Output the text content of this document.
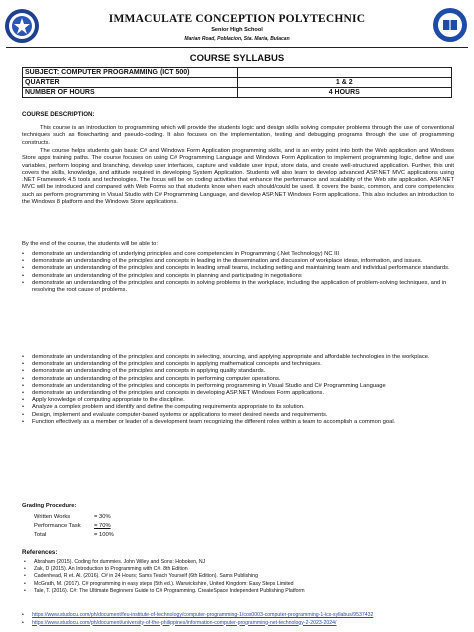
IMMACULATE CONCEPTION POLYTECHNIC
Senior High School
Marian Road, Poblacion, Sta. Maria, Bulacan
COURSE SYLLABUS
SUBJECT: COMPUTER PROGRAMMING (ICT 500)	
QUARTER	1 & 2
NUMBER OF HOURS	4 HOURS
COURSE DESCRIPTION:

This course is an introduction to programming which will provide the students logic and design skills solving computer problems through the use of conventional techniques such as flowcharting and pseudo-coding. It also focuses on the implementation, testing and debugging programs through the use of programming constructs.

The course helps students gain basic C# and Windows Form Application programming skills, and is an entry point into both the Web application and Windows Store apps training paths. The course focuses on using C# Programming Language and Windows Form Application to implement programming logic, define and use variables, perform looping and branching, develop user interfaces, capture and validate user input, store data, and create well-structured application. Further, this unit covers the skills, knowledge, and attitude required in developing System Application. Students will also learn to develop advanced ASP.NET MVC applications using .NET Framework 4.5 tools and technologies. The focus will be on coding activities that enhance the performance and scalability of the Web site application. ASP.NET MVC will be introduced and compared with Web Forms so that students know when each should/could be used. It covers the basic, common, and core competencies such as perform programming in Visual Studio with C# Programming Language, and develop ASP.NET Windows Form applications. This also includes an introduction to the Windows 8 platform and the Windows Store applications.

By the end of the course, the students will be able to:
• demonstrate an understanding of underlying principles and core competencies in Programming (.Net Technology) NC III
• demonstrate an understanding of the principles and concepts in leading in the dissemination and discussion of workplace ideas, information, and issues.
• demonstrate an understanding of the principles and concepts in leading small teams, including setting and maintaining team and individual performance standards.
• demonstrate an understanding of the principles and concepts in planning and participating in negotiations
• demonstrate an understanding of the principles and concepts in solving problems in the workplace, including the application of problem-solving techniques, and in resolving the root cause of problems.
• demonstrate an understanding of the principles and concepts in selecting, sourcing, and applying appropriate and affordable technologies in the workplace.
• demonstrate an understanding of the principles and concepts in applying mathematical concepts and techniques.
• demonstrate an understanding of the principles and concepts in applying quality standards.
• demonstrate an understanding of the principles and concepts in performing computer operations.
• demonstrate an understanding of the principles and concepts in performing programming in Visual Studio and C# Programming Language
• demonstrate an understanding of the principles and concepts in developing ASP.NET Windows Form applications.
• Apply knowledge of computing appropriate to the discipline.
• Analyze a complex problem and identify and define the computing requirements appropriate to its solution.
• Design, implement and evaluate computer-based systems or applications to meet desired needs and requirements.
• Function effectively as a member or leader of a development team recognizing the different roles within a team to accomplish a common goal.
Grading Procedure:
Written Works	= 30%
Performance Task = 70%
Total	= 100%
References:
• Abraham (2015). Coding for dummies. John Wiley and Sons: Hoboken, NJ
• Zak, D (2015). An Introduction to Programming with C#. 8th Edition
• Cadenhead, R et. Al. (2016). C# in 24 Hours; Sams Teach Yourself (6th Edition). Sams Publishing
• McGrath, M. (2017). C# programming in easy steps (5th ed.). Warwickshire, United Kingdom: Easy Steps Limited
• Tale, T. (2016). C#: The Ultimate Beginners Guide to C# Programming. CreateSpace Independent Publishing Platform
• https://www.studocu.com/ph/document/feu-institute-of-technology/computer-programming-1/cos0003-computer-programming-1-ics-syllabus/9537432
• https://www.studocu.com/ph/document/university-of-the-philippines/information-computer-programming-net-technology-2-2023-2024/
